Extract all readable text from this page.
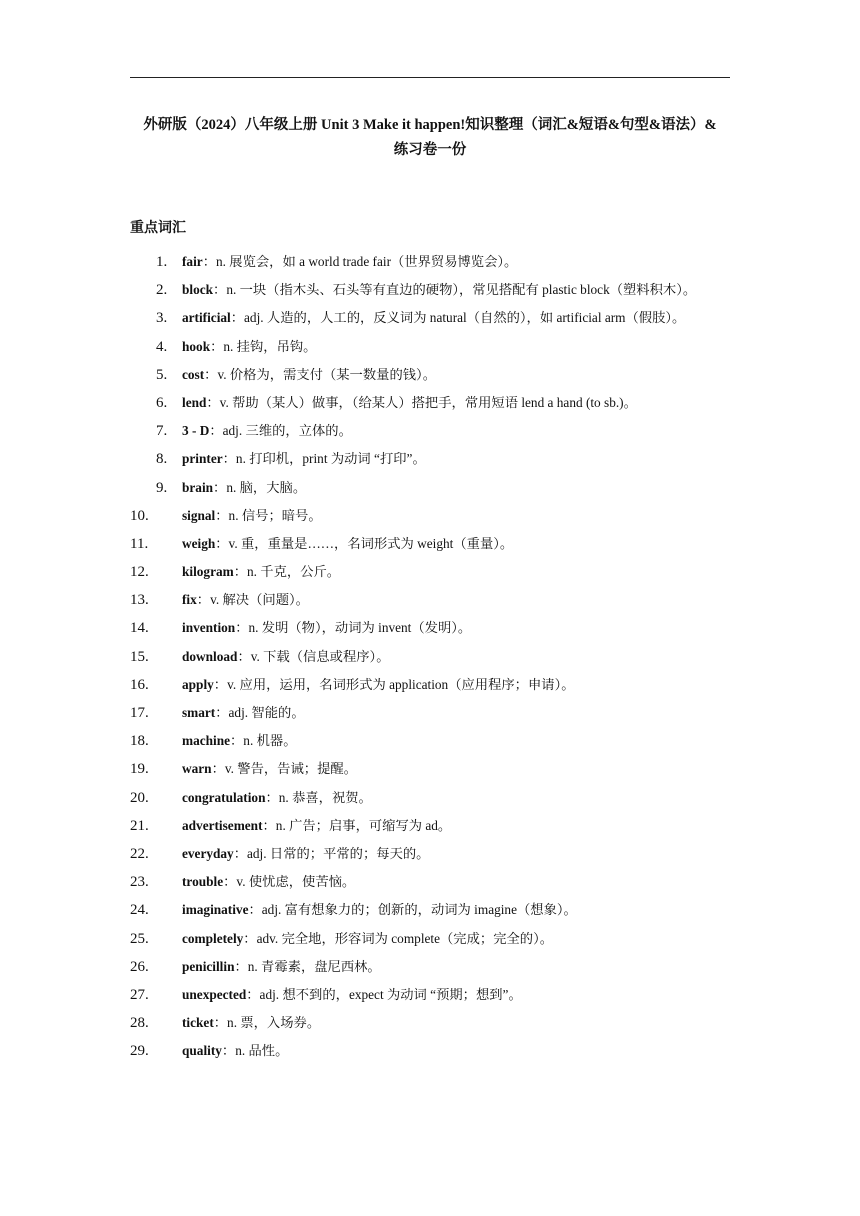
外研版（2024）八年级上册 Unit 3 Make it happen!知识整理（词汇&短语&句型&语法）&
练习卷一份
重点词汇
1.	fair：n. 展览会，如 a world trade fair（世界贸易博览会）。
2.	block：n. 一块（指木头、石头等有直边的硬物），常见搭配有 plastic block（塑料积木）。
3.	artificial：adj. 人造的，人工的，反义词为 natural（自然的），如 artificial arm（假肢）。
4.	hook：n. 挂钩，吊钩。
5.	cost：v. 价格为，需支付（某一数量的钱）。
6.	lend：v. 帮助（某人）做事，（给某人）搭把手，常用短语 lend a hand (to sb.)。
7.	3 - D：adj. 三维的，立体的。
8.	printer：n. 打印机，print 为动词 “打印”。
9.	brain：n. 脑，大脑。
10.	signal：n. 信号；暗号。
11.	weigh：v. 重，重量是……，名词形式为 weight（重量）。
12.	kilogram：n. 千克，公斤。
13.	fix：v. 解决（问题）。
14.	invention：n. 发明（物），动词为 invent（发明）。
15.	download：v. 下载（信息或程序）。
16.	apply：v. 应用，运用，名词形式为 application（应用程序；申请）。
17.	smart：adj. 智能的。
18.	machine：n. 机器。
19.	warn：v. 警告，告诫；提醒。
20.	congratulation：n. 恭喜，祝贺。
21.	advertisement：n. 广告；启事，可缩写为 ad。
22.	everyday：adj. 日常的；平常的；每天的。
23.	trouble：v. 使忧虑，使苦恼。
24.	imaginative：adj. 富有想象力的；创新的，动词为 imagine（想象）。
25.	completely：adv. 完全地，形容词为 complete（完成；完全的）。
26.	penicillin：n. 青霉素，盘尼西林。
27.	unexpected：adj. 想不到的，expect 为动词 “预期；想到”。
28.	ticket：n. 票，入场券。
29.	quality：n. 品性。
